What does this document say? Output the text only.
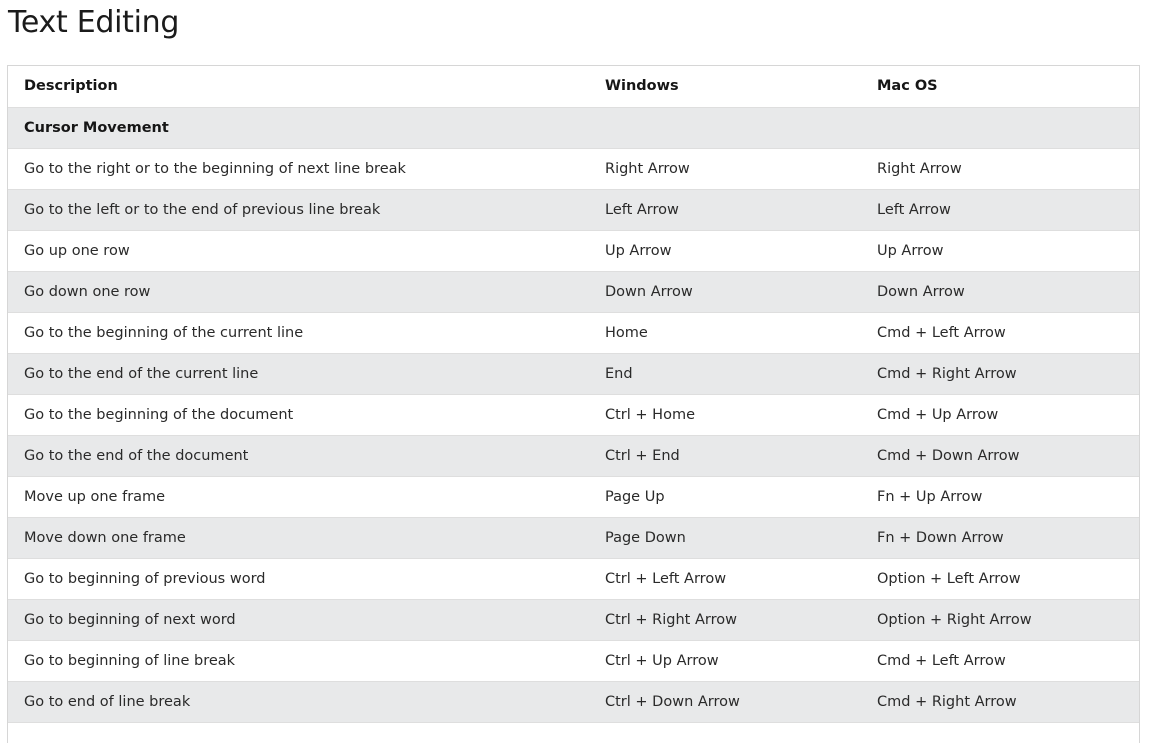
Text Editing
Description	Windows	Mac OS
Cursor Movement		
Go to the right or to the beginning of next line break	Right Arrow	Right Arrow
Go to the left or to the end of previous line break	Left Arrow	Left Arrow
Go up one row	Up Arrow	Up Arrow
Go down one row	Down Arrow	Down Arrow
Go to the beginning of the current line	Home	Cmd + Left Arrow
Go to the end of the current line	End	Cmd + Right Arrow
Go to the beginning of the document	Ctrl + Home	Cmd + Up Arrow
Go to the end of the document	Ctrl + End	Cmd + Down Arrow
Move up one frame	Page Up	Fn + Up Arrow
Move down one frame	Page Down	Fn + Down Arrow
Go to beginning of previous word	Ctrl + Left Arrow	Option + Left Arrow
Go to beginning of next word	Ctrl + Right Arrow	Option + Right Arrow
Go to beginning of line break	Ctrl + Up Arrow	Cmd + Left Arrow
Go to end of line break	Ctrl + Down Arrow	Cmd + Right Arrow
